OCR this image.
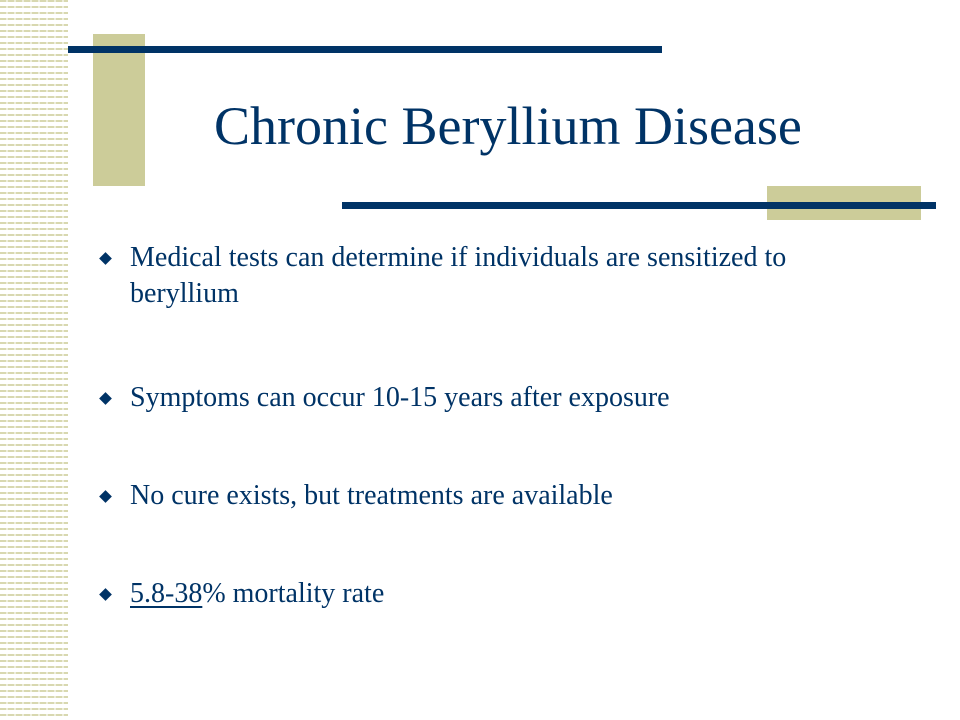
Chronic Beryllium Disease
Medical tests can determine if individuals are sensitized to beryllium
Symptoms can occur 10-15 years after exposure
No cure exists, but treatments are available
5.8-38% mortality rate
